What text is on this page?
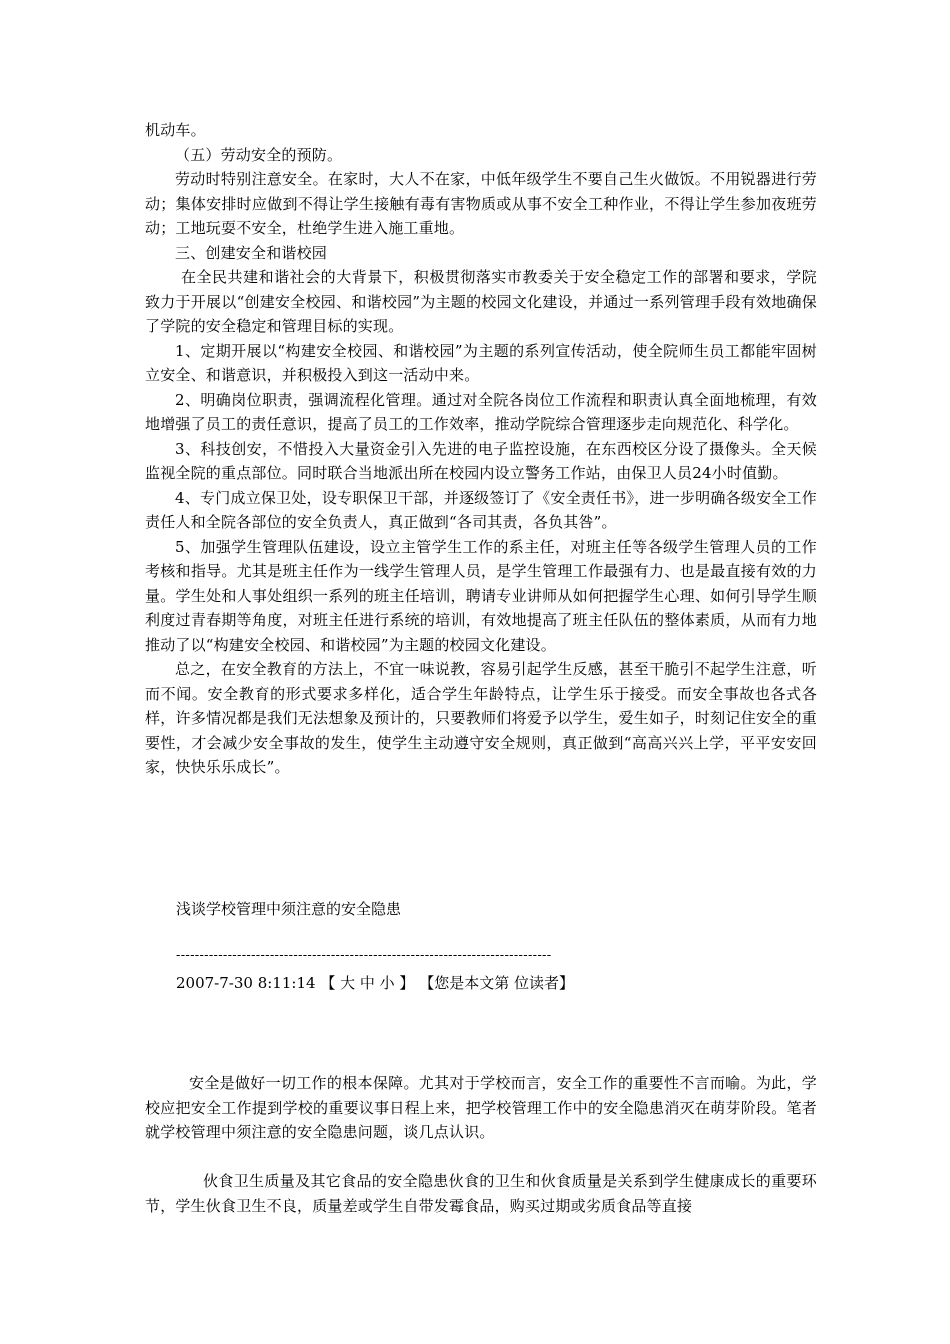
机动车。

（五）劳动安全的预防。

劳动时特别注意安全。在家时，大人不在家，中低年级学生不要自己生火做饭。不用锐器进行劳动；集体安排时应做到不得让学生接触有毒有害物质或从事不安全工种作业，不得让学生参加夜班劳动；工地玩耍不安全，杜绝学生进入施工重地。

三、创建安全和谐校园

在全民共建和谐社会的大背景下，积极贯彻落实市教委关于安全稳定工作的部署和要求，学院致力于开展以“创建安全校园、和谐校园”为主题的校园文化建设，并通过一系列管理手段有效地确保了学院的安全稳定和管理目标的实现。

1、定期开展以“构建安全校园、和谐校园”为主题的系列宣传活动，使全院师生员工都能牢固树立安全、和谐意识，并积极投入到这一活动中来。

2、明确岗位职责，强调流程化管理。通过对全院各岗位工作流程和职责认真全面地梳理，有效地增强了员工的责任意识，提高了员工的工作效率，推动学院综合管理逐步走向规范化、科学化。

3、科技创安，不惜投入大量资金引入先进的电子监控设施，在东西校区分设了摄像头。全天候监视全院的重点部位。同时联合当地派出所在校园内设立警务工作站，由保卫人员24小时值勤。

4、专门成立保卫处，设专职保卫干部，并逐级签订了《安全责任书》，进一步明确各级安全工作责任人和全院各部位的安全负责人，真正做到“各司其责，各负其咎”。

5、加强学生管理队伍建设，设立主管学生工作的系主任，对班主任等各级学生管理人员的工作考核和指导。尤其是班主任作为一线学生管理人员，是学生管理工作最强有力、也是最直接有效的力量。学生处和人事处组织一系列的班主任培训，聘请专业讲师从如何把握学生心理、如何引导学生顺利度过青春期等角度，对班主任进行系统的培训，有效地提高了班主任队伍的整体素质，从而有力地推动了以“构建安全校园、和谐校园”为主题的校园文化建设。

总之，在安全教育的方法上，不宜一味说教，容易引起学生反感，甚至干脆引不起学生注意，听而不闻。安全教育的形式要求多样化，适合学生年龄特点，让学生乐于接受。而安全事故也各式各样，许多情况都是我们无法想象及预计的，只要教师们将爱予以学生，爱生如子，时刻记住安全的重要性，才会减少安全事故的发生，使学生主动遵守安全规则，真正做到“高高兴兴上学，平平安安回家，快快乐乐成长”。

浅谈学校管理中须注意的安全隐患
--------------------------------------------------------------------------------
2007-7-30 8:11:14 【 大 中 小 】 【您是本文第 位读者】

安全是做好一切工作的根本保障。尤其对于学校而言，安全工作的重要性不言而喻。为此，学校应把安全工作提到学校的重要议事日程上来，把学校管理工作中的安全隐患消灭在萌芽阶段。笔者就学校管理中须注意的安全隐患问题，谈几点认识。

伙食卫生质量及其它食品的安全隐患伙食的卫生和伙食质量是关系到学生健康成长的重要环节，学生伙食卫生不良，质量差或学生自带发霉食品，购买过期或劣质食品等直接
